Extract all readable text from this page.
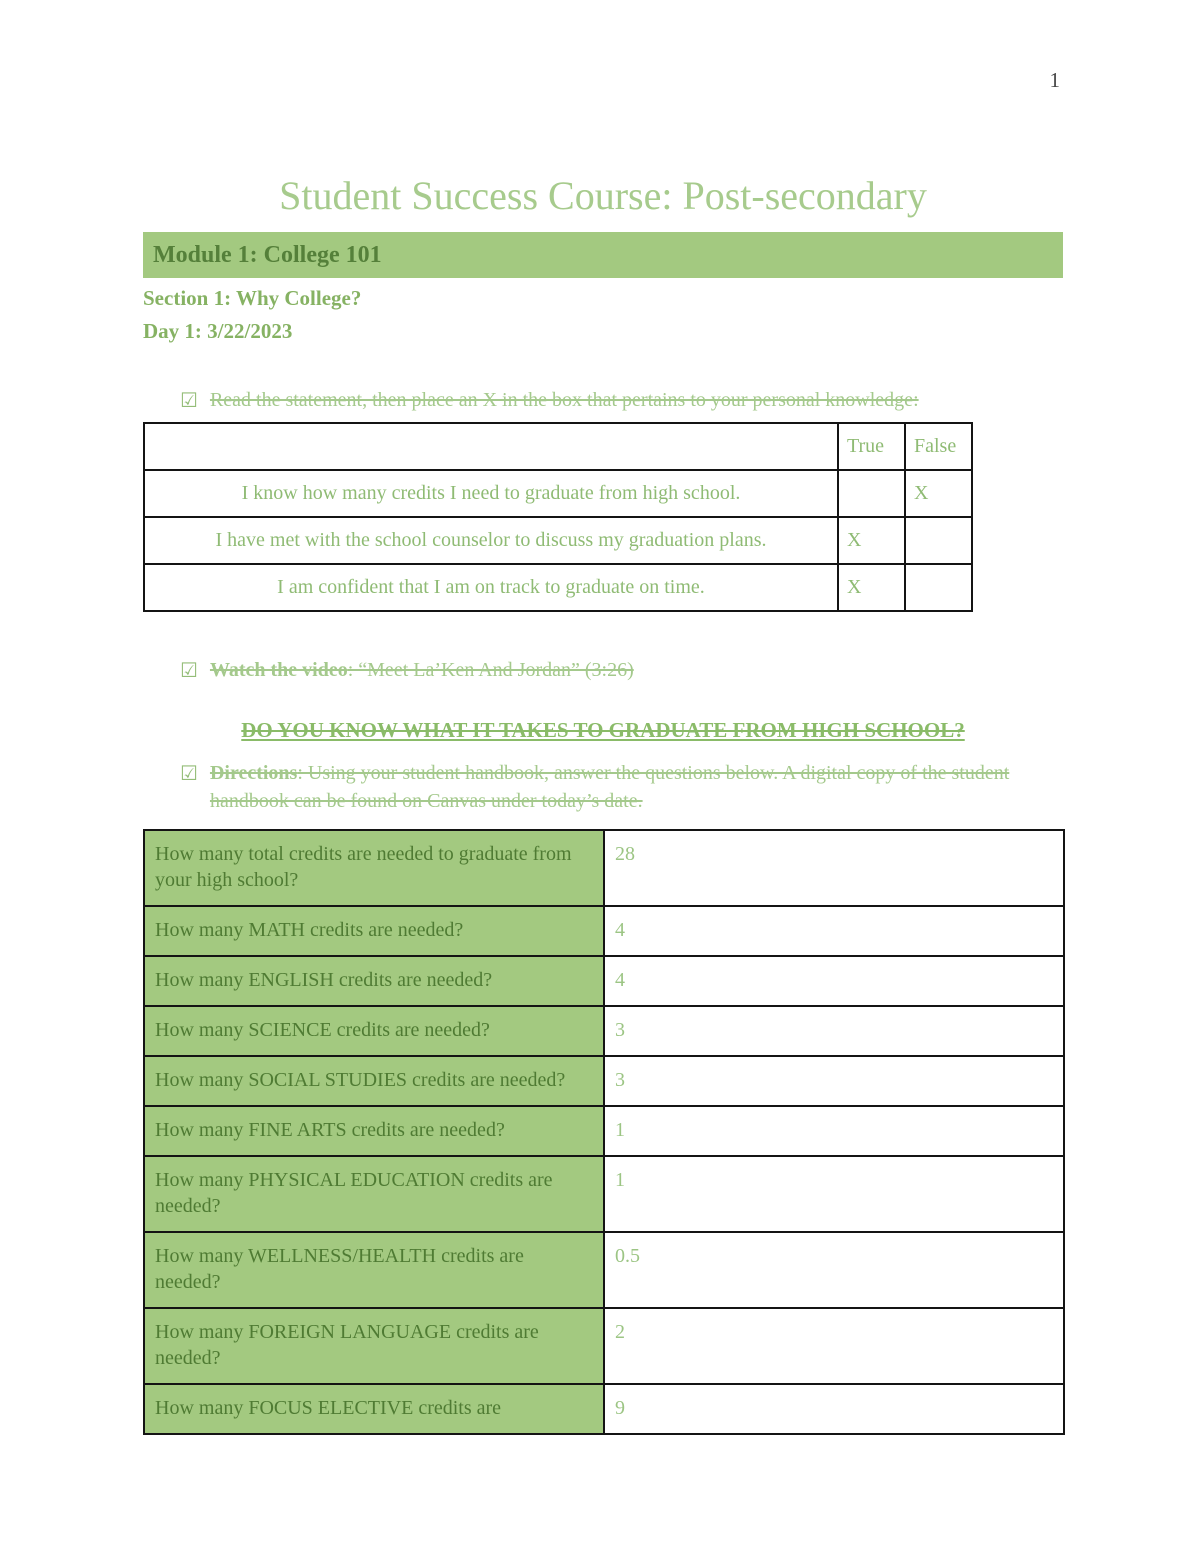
1
Student Success Course: Post-secondary
Module 1: College 101
Section 1: Why College?
Day 1: 3/22/2023
☑ Read the statement, then place an X in the box that pertains to your personal knowledge:
	True	False
I know how many credits I need to graduate from high school.		X
I have met with the school counselor to discuss my graduation plans.	X	
I am confident that I am on track to graduate on time.	X	
☑ Watch the video: “Meet La’Ken And Jordan” (3:26)
DO YOU KNOW WHAT IT TAKES TO GRADUATE FROM HIGH SCHOOL?
☑ Directions: Using your student handbook, answer the questions below. A digital copy of the student handbook can be found on Canvas under today’s date.
How many total credits are needed to graduate from your high school?	28
How many MATH credits are needed?	4
How many ENGLISH credits are needed?	4
How many SCIENCE credits are needed?	3
How many SOCIAL STUDIES credits are needed?	3
How many FINE ARTS credits are needed?	1
How many PHYSICAL EDUCATION credits are needed?	1
How many WELLNESS/HEALTH credits are needed?	0.5
How many FOREIGN LANGUAGE credits are needed?	2
How many FOCUS ELECTIVE credits are	9
